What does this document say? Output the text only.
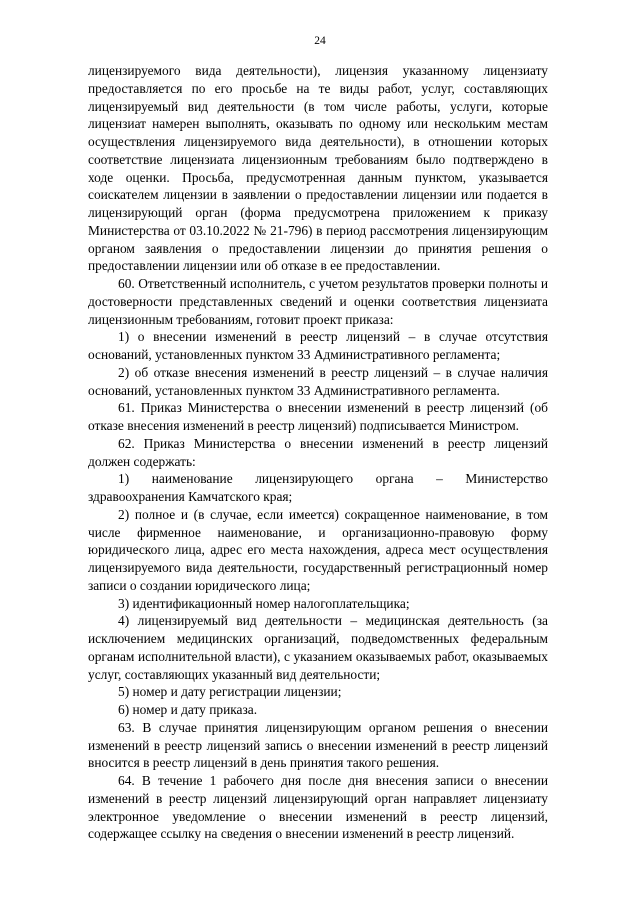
24

лицензируемого вида деятельности), лицензия указанному лицензиату предоставляется по его просьбе на те виды работ, услуг, составляющих лицензируемый вид деятельности (в том числе работы, услуги, которые лицензиат намерен выполнять, оказывать по одному или нескольким местам осуществления лицензируемого вида деятельности), в отношении которых соответствие лицензиата лицензионным требованиям было подтверждено в ходе оценки. Просьба, предусмотренная данным пунктом, указывается соискателем лицензии в заявлении о предоставлении лицензии или подается в лицензирующий орган (форма предусмотрена приложением к приказу Министерства от 03.10.2022 № 21-796) в период рассмотрения лицензирующим органом заявления о предоставлении лицензии до принятия решения о предоставлении лицензии или об отказе в ее предоставлении.

60. Ответственный исполнитель, с учетом результатов проверки полноты и достоверности представленных сведений и оценки соответствия лицензиата лицензионным требованиям, готовит проект приказа:

1) о внесении изменений в реестр лицензий – в случае отсутствия оснований, установленных пунктом 33 Административного регламента;

2) об отказе внесения изменений в реестр лицензий – в случае наличия оснований, установленных пунктом 33 Административного регламента.

61. Приказ Министерства о внесении изменений в реестр лицензий (об отказе внесения изменений в реестр лицензий) подписывается Министром.

62. Приказ Министерства о внесении изменений в реестр лицензий должен содержать:

1) наименование лицензирующего органа – Министерство здравоохранения Камчатского края;

2) полное и (в случае, если имеется) сокращенное наименование, в том числе фирменное наименование, и организационно-правовую форму юридического лица, адрес его места нахождения, адреса мест осуществления лицензируемого вида деятельности, государственный регистрационный номер записи о создании юридического лица;

3) идентификационный номер налогоплательщика;

4) лицензируемый вид деятельности – медицинская деятельность (за исключением медицинских организаций, подведомственных федеральным органам исполнительной власти), с указанием оказываемых работ, оказываемых услуг, составляющих указанный вид деятельности;

5) номер и дату регистрации лицензии;

6) номер и дату приказа.

63. В случае принятия лицензирующим органом решения о внесении изменений в реестр лицензий запись о внесении изменений в реестр лицензий вносится в реестр лицензий в день принятия такого решения.

64. В течение 1 рабочего дня после дня внесения записи о внесении изменений в реестр лицензий лицензирующий орган направляет лицензиату электронное уведомление о внесении изменений в реестр лицензий, содержащее ссылку на сведения о внесении изменений в реестр лицензий.
